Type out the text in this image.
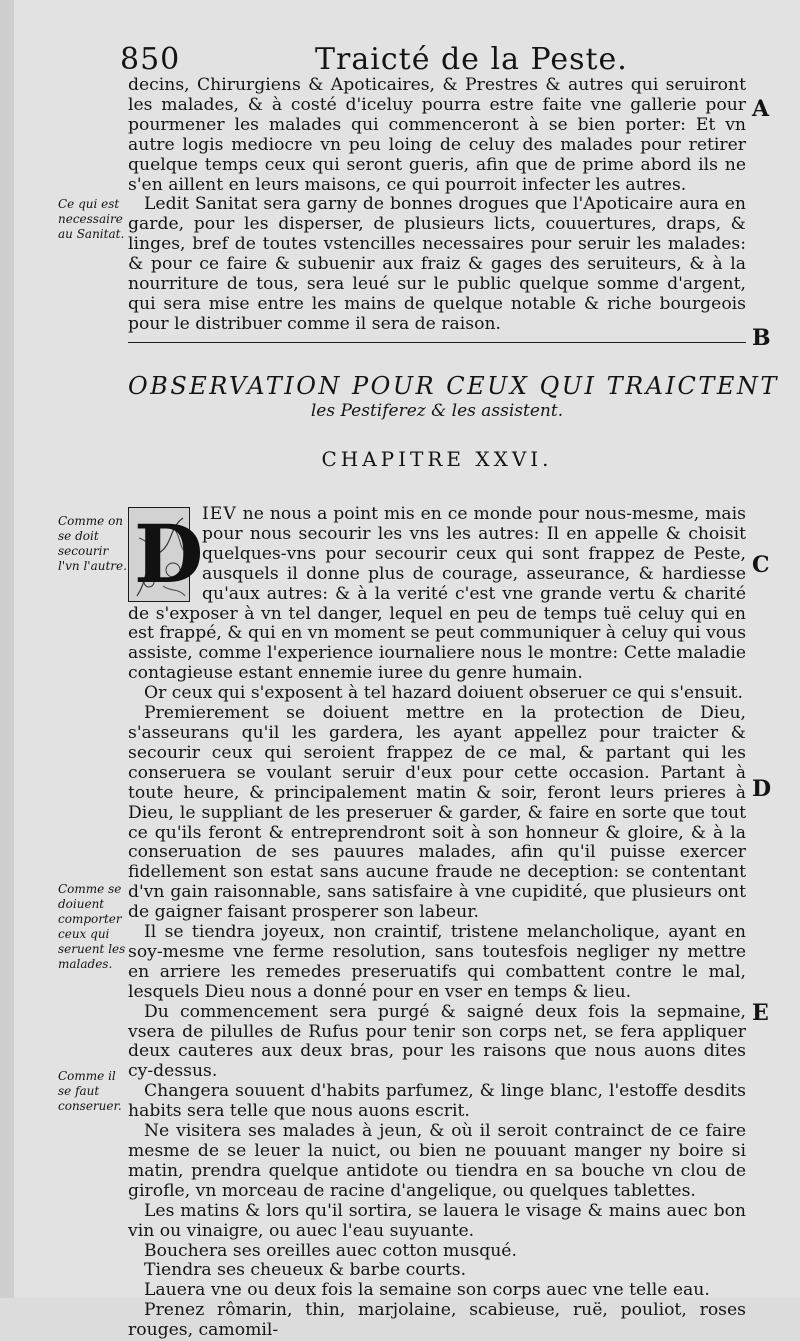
850	Traicté de la Peste.

decins, Chirurgiens & Apoticaires, & Prestres & autres qui seruiront les malades, & à costé d'iceluy pourra estre faite vne gallerie pour pourmener les malades qui commenceront à se bien porter: Et vn autre logis mediocre vn peu loing de celuy des malades pour retirer quelque temps ceux qui seront gueris, afin que de prime abord ils ne s'en aillent en leurs maisons, ce qui pourroit infecter les autres.

Ledit Sanitat sera garny de bonnes drogues que l'Apoticaire aura en garde, pour les disperser, de plusieurs licts, couuertures, draps, & linges, bref de toutes vstencilles necessaires pour seruir les malades: & pour ce faire & subuenir aux fraiz & gages des seruiteurs, & à la nourriture de tous, sera leué sur le public quelque somme d'argent, qui sera mise entre les mains de quelque notable & riche bourgeois pour le distribuer comme il sera de raison.

OBSERVATION POUR CEUX QUI TRAICTENT
les Pestiferez & les assistent.
CHAPITRE XXVI.

D
IEV ne nous a point mis en ce monde pour nous-mesme, mais pour nous secourir les vns les autres: Il en appelle & choisit quelques-vns pour secourir ceux qui sont frappez de Peste, ausquels il donne plus de courage, asseurance, & hardiesse qu'aux autres: & à la verité c'est vne grande vertu & charité de s'exposer à vn tel danger, lequel en peu de temps tuë celuy qui en est frappé, & qui en vn moment se peut communiquer à celuy qui vous assiste, comme l'experience iournaliere nous le montre: Cette maladie contagieuse estant ennemie iuree du genre humain.

Or ceux qui s'exposent à tel hazard doiuent obseruer ce qui s'ensuit.

Premierement se doiuent mettre en la protection de Dieu, s'asseurans qu'il les gardera, les ayant appellez pour traicter & secourir ceux qui seroient frappez de ce mal, & partant qui les conseruera se voulant seruir d'eux pour cette occasion. Partant à toute heure, & principalement matin & soir, feront leurs prieres à Dieu, le suppliant de les preseruer & garder, & faire en sorte que tout ce qu'ils feront & entreprendront soit à son honneur & gloire, & à la conseruation de ses pauures malades, afin qu'il puisse exercer fidellement son estat sans aucune fraude ne deception: se contentant d'vn gain raisonnable, sans satisfaire à vne cupidité, que plusieurs ont de gaigner faisant prosperer son labeur.

Il se tiendra joyeux, non craintif, tristene melancholique, ayant en soy-mesme vne ferme resolution, sans toutesfois negliger ny mettre en arriere les remedes preseruatifs qui combattent contre le mal, lesquels Dieu nous a donné pour en vser en temps & lieu.

Du commencement sera purgé & saigné deux fois la sepmaine, vsera de pilulles de Rufus pour tenir son corps net, se fera appliquer deux cauteres aux deux bras, pour les raisons que nous auons dites cy-dessus.

Changera souuent d'habits parfumez, & linge blanc, l'estoffe desdits habits sera telle que nous auons escrit.

Ne visitera ses malades à jeun, & où il seroit contrainct de ce faire mesme de se leuer la nuict, ou bien ne pouuant manger ny boire si matin, prendra quelque antidote ou tiendra en sa bouche vn clou de girofle, vn morceau de racine d'angelique, ou quelques tablettes.

Les matins & lors qu'il sortira, se lauera le visage & mains auec bon vin ou vinaigre, ou auec l'eau suyuante.

Bouchera ses oreilles auec cotton musqué.

Tiendra ses cheueux & barbe courts.

Lauera vne ou deux fois la semaine son corps auec vne telle eau.

Prenez rômarin, thin, marjolaine, scabieuse, ruë, pouliot, roses rouges, camomil-

Ce qui est necessaire au Sanitat.
Comme on se doit secourir l'vn l'autre.
Comme se doiuent comporter ceux qui seruent les malades.
Comme il se faut conseruer.
A
B
C
D
E
